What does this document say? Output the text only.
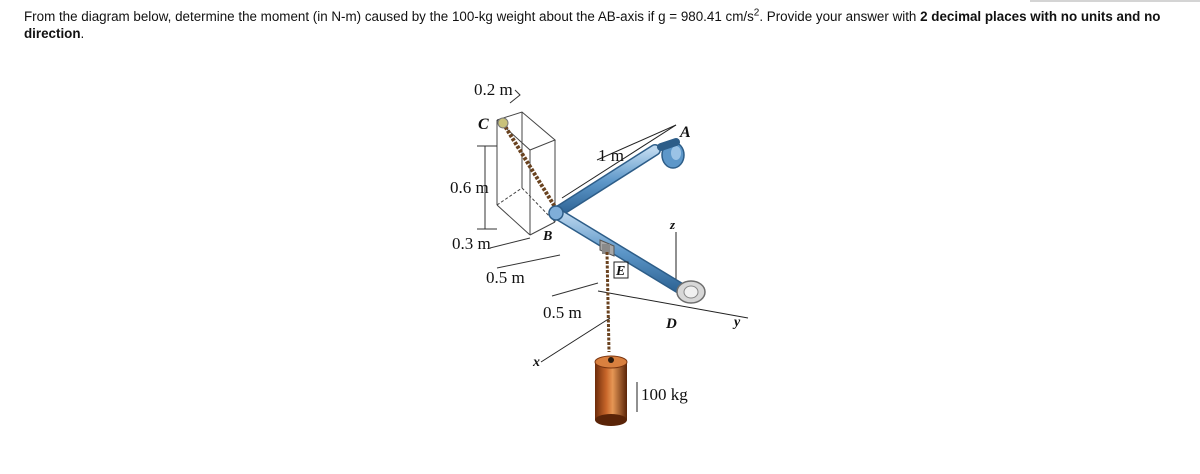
From the diagram below, determine the moment (in N-m) caused by the 100-kg weight about the AB-axis if g = 980.41 $cm/s^2$. Provide your answer with 2 decimal places with no units and no direction.
0.2 m
C
0.6 m
0.3 m	B
0.5 m
0.5 m
E
1 m
A
z
D	y
x
100 kg
